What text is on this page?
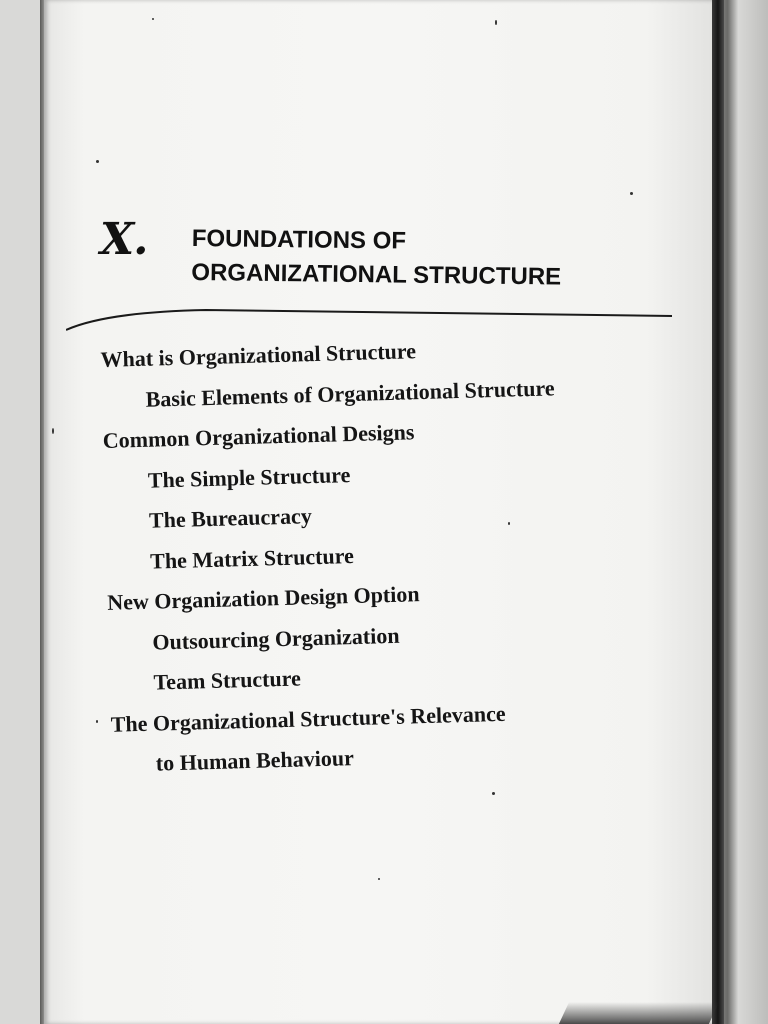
X. FOUNDATIONS OF
ORGANIZATIONAL STRUCTURE
What is Organizational Structure
Basic Elements of Organizational Structure
Common Organizational Designs
The Simple Structure
The Bureaucracy
The Matrix Structure
New Organization Design Option
Outsourcing Organization
Team Structure
The Organizational Structure's Relevance
to Human Behaviour
